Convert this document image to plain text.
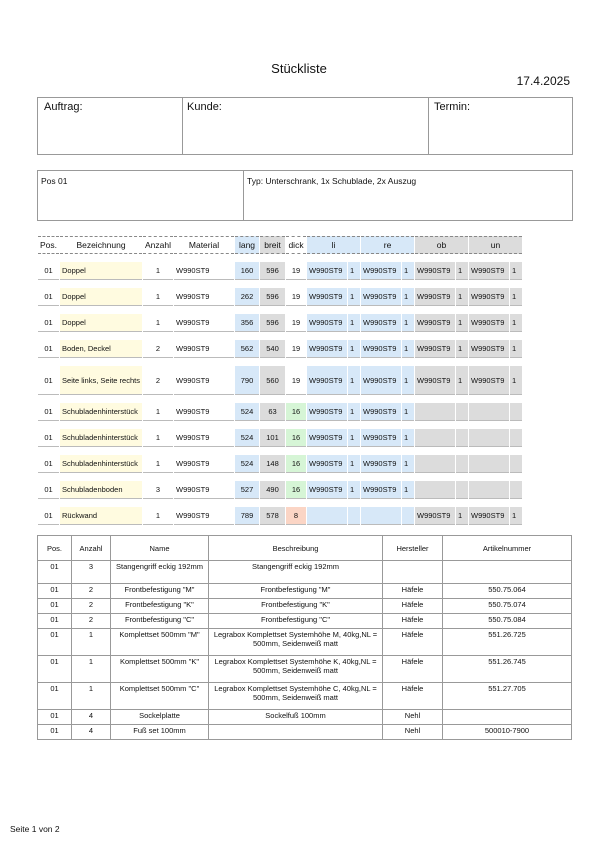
Stückliste
17.4.2025
Auftrag:	Kunde:	Termin:
Pos 01	Typ: Unterschrank, 1x Schublade, 2x Auszug
Pos.	Bezeichnung	Anzahl	Material	lang	breit	dick	li		re		ob		un	

01	Doppel	1	W990ST9	160	596	19	W990ST9	1	W990ST9	1	W990ST9	1	W990ST9	1

01	Doppel	1	W990ST9	262	596	19	W990ST9	1	W990ST9	1	W990ST9	1	W990ST9	1

01	Doppel	1	W990ST9	356	596	19	W990ST9	1	W990ST9	1	W990ST9	1	W990ST9	1

01	Boden, Deckel	2	W990ST9	562	540	19	W990ST9	1	W990ST9	1	W990ST9	1	W990ST9	1

01	Seite links, Seite rechts	2	W990ST9	790	560	19	W990ST9	1	W990ST9	1	W990ST9	1	W990ST9	1

01	Schubladenhinterstück	1	W990ST9	524	63	16	W990ST9	1	W990ST9	1				

01	Schubladenhinterstück	1	W990ST9	524	101	16	W990ST9	1	W990ST9	1				

01	Schubladenhinterstück	1	W990ST9	524	148	16	W990ST9	1	W990ST9	1				

01	Schubladenboden	3	W990ST9	527	490	16	W990ST9	1	W990ST9	1				

01	Rückwand	1	W990ST9	789	578	8					W990ST9	1	W990ST9	1
Pos.	Anzahl	Name	Beschreibung	Hersteller	Artikelnummer
01	3	Stangengriff eckig 192mm	Stangengriff eckig 192mm		
01	2	Frontbefestigung "M"	Frontbefestigung "M"	Häfele	550.75.064
01	2	Frontbefestigung "K"	Frontbefestigung "K"	Häfele	550.75.074
01	2	Frontbefestigung "C"	Frontbefestigung "C"	Häfele	550.75.084
01	1	Komplettset 500mm "M"	Legrabox Komplettset Systemhöhe M, 40kg,NL = 500mm, Seidenweiß matt	Häfele	551.26.725
01	1	Komplettset 500mm "K"	Legrabox Komplettset Systemhöhe K, 40kg,NL = 500mm, Seidenweiß matt	Häfele	551.26.745
01	1	Komplettset 500mm "C"	Legrabox Komplettset Systemhöhe C, 40kg,NL = 500mm, Seidenweiß matt	Häfele	551.27.705
01	4	Sockelplatte	Sockelfuß 100mm	Nehl	
01	4	Fuß set 100mm		Nehl	500010-7900
Seite 1 von 2
